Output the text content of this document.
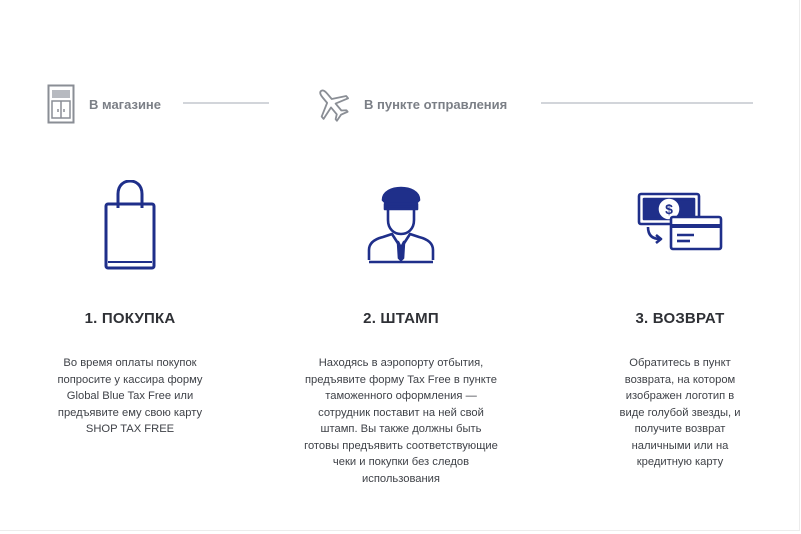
В магазине	В пункте отправления
1. ПОКУПКА
Во время оплаты покупок
попросите у кассира форму
Global Blue Tax Free или
предъявите ему свою карту
SHOP TAX FREE
2. ШТАМП
Находясь в аэропорту отбытия,
предъявите форму Tax Free в пункте
таможенного оформления —
сотрудник поставит на ней свой
штамп. Вы также должны быть
готовы предъявить соответствующие
чеки и покупки без следов
использования
$
3. ВОЗВРАТ
Обратитесь в пункт
возврата, на котором
изображен логотип в
виде голубой звезды, и
получите возврат
наличными или на
кредитную карту
